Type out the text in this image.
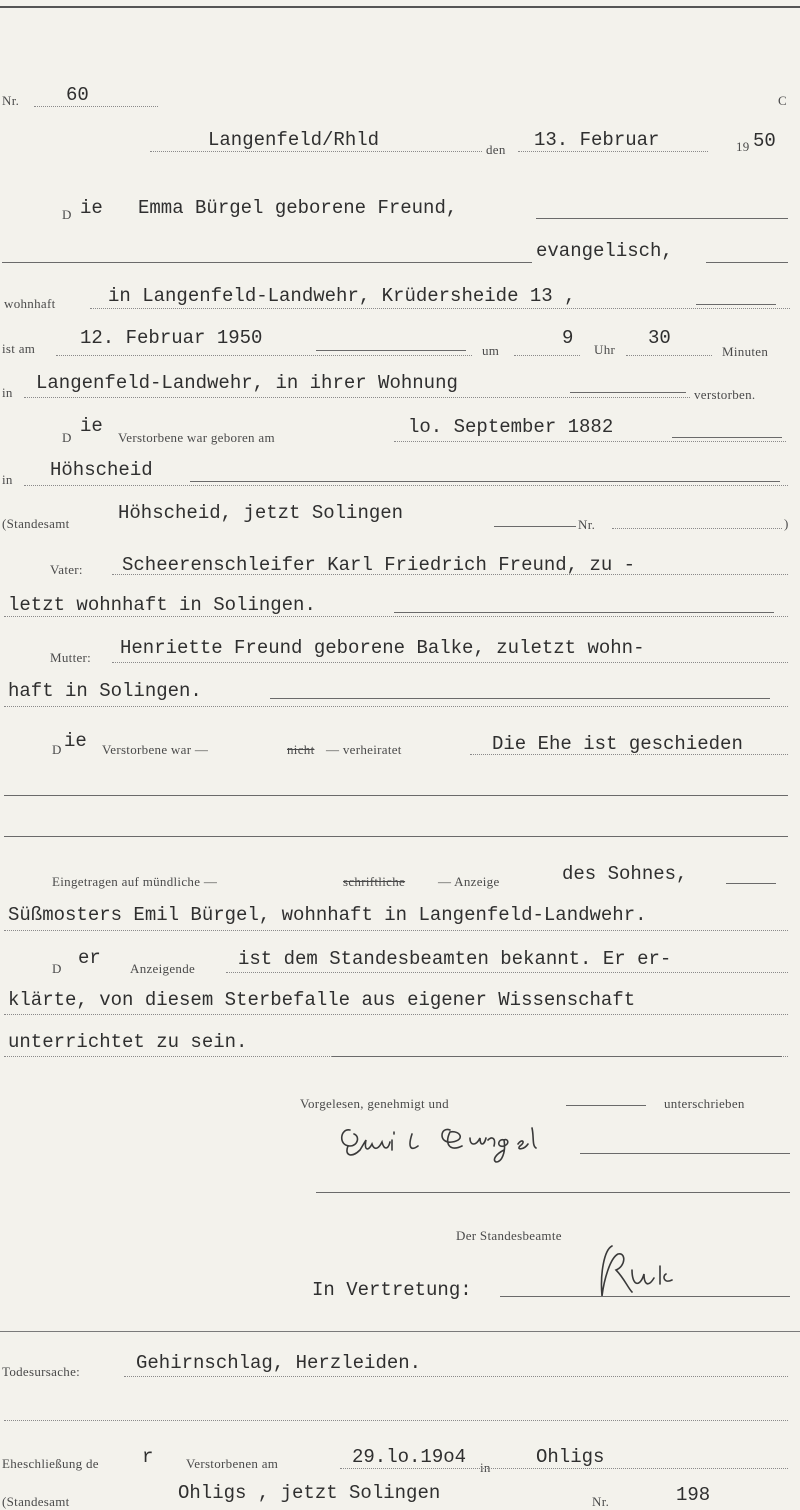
Nr. 60	C
Langenfeld/Rhld	den 13. Februar	19 50
D ie Emma Bürgel geborene Freund,
evangelisch,
wohnhaft	in Langenfeld-Landwehr, Krüdersheide 13 ,
ist am 12. Februar 1950
um
9
Uhr
30
Minuten
in Langenfeld-Landwehr, in ihrer Wohnung
verstorben.
D
ie
Verstorbene war geboren am	lo. September 1882
in Höhscheid
(Standesamt	Höhscheid, jetzt Solingen
Nr.	)
Vater: Scheerenschleifer Karl Friedrich Freund, zu -
letzt wohnhaft in Solingen.
Mutter: Henriette Freund geborene Balke, zuletzt wohn-
haft in Solingen.
D ie Verstorbene war —	nicht — verheiratet	Die Ehe ist geschieden
Eingetragen auf mündliche —	schriftliche	— Anzeige	des Sohnes,
Süßmosters Emil Bürgel, wohnhaft in Langenfeld-Landwehr.
D er Anzeigende ist dem Standesbeamten bekannt. Er er-
klärte, von diesem Sterbefalle aus eigener Wissenschaft
unterrichtet zu sein.
Vorgelesen, genehmigt und	unterschrieben
Der Standesbeamte
In Vertretung:
Todesursache:	Gehirnschlag, Herzleiden.
Eheschließung de r	Verstorbenen am	29.lo.19o4 in Ohligs
(Standesamt	Ohligs , jetzt Solingen	Nr.	198
